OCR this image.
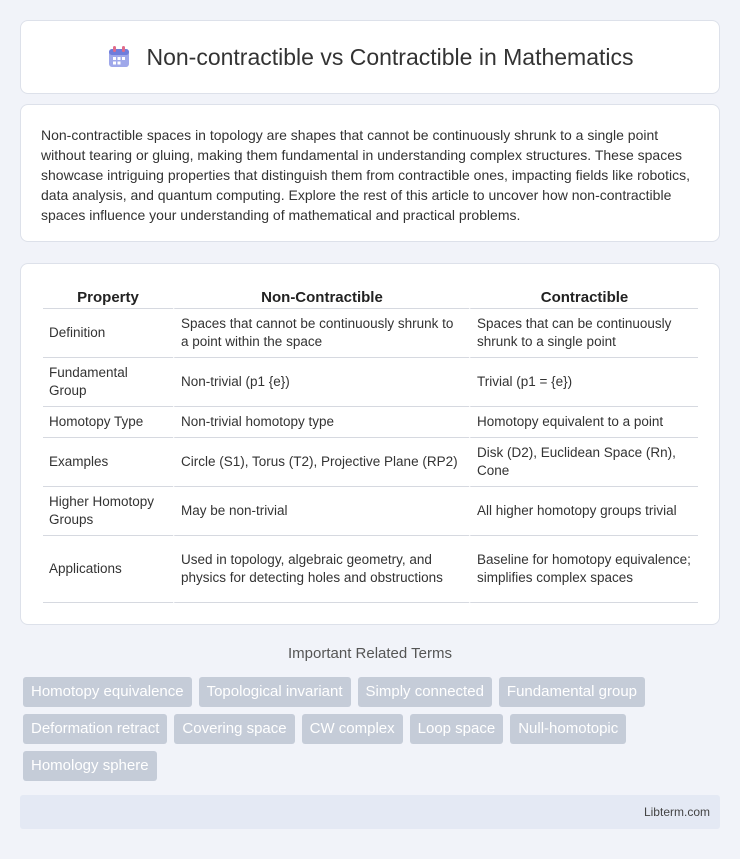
Non-contractible vs Contractible in Mathematics

Non-contractible spaces in topology are shapes that cannot be continuously shrunk to a single point without tearing or gluing, making them fundamental in understanding complex structures. These spaces showcase intriguing properties that distinguish them from contractible ones, impacting fields like robotics, data analysis, and quantum computing. Explore the rest of this article to uncover how non-contractible spaces influence your understanding of mathematical and practical problems.

Property	Non-Contractible	Contractible
Definition	Spaces that cannot be continuously shrunk to a point within the space	Spaces that can be continuously shrunk to a single point
Fundamental Group	Non-trivial (p1 {e})	Trivial (p1 = {e})
Homotopy Type	Non-trivial homotopy type	Homotopy equivalent to a point
Examples	Circle (S1), Torus (T2), Projective Plane (RP2)	Disk (D2), Euclidean Space (Rn), Cone
Higher Homotopy Groups	May be non-trivial	All higher homotopy groups trivial
Applications	Used in topology, algebraic geometry, and physics for detecting holes and obstructions	Baseline for homotopy equivalence; simplifies complex spaces
Important Related Terms
Homotopy equivalence	Topological invariant	Simply connected	Fundamental group
Deformation retract	Covering space	CW complex	Loop space	Null-homotopic
Homology sphere
Libterm.com
